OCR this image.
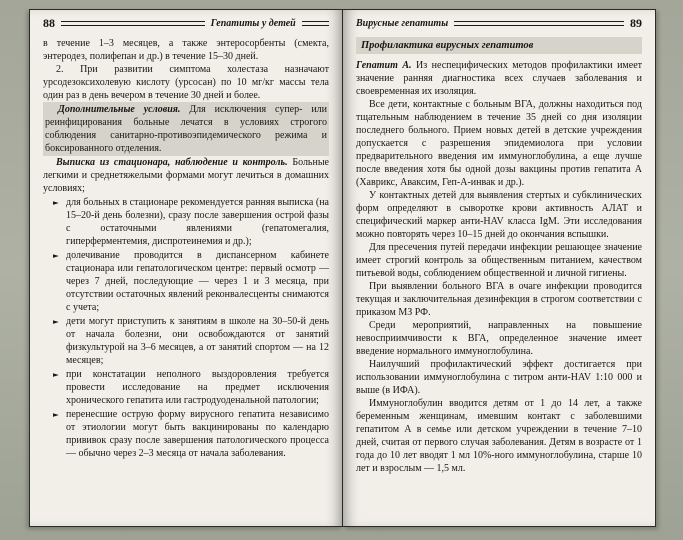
88	Гепатиты у детей

в течение 1–3 месяцев, а также энтеросорбенты (смекта, энтеродез, полифепан и др.) в течение 15–30 дней.

2. При развитии симптома холестаза назначают урсодезоксихолевую кислоту (урсосан) по 10 мг/кг массы тела один раз в день вечером в течение 30 дней и более.

Дополнительные условия. Для исключения супер- или реинфицирования больные лечатся в условиях строгого соблюдения санитарно-противоэпидемического режима и боксированного отделения.

Выписка из стационара, наблюдение и контроль. Больные легкими и среднетяжелыми формами могут лечиться в домашних условиях;

► для больных в стационаре рекомендуется ранняя выписка (на 15–20-й день болезни), сразу после завершения острой фазы с остаточными явлениями (гепатомегалия, гиперферментемия, диспротеинемия и др.);
► долечивание проводится в диспансерном кабинете стационара или гепатологическом центре: первый осмотр — через 7 дней, последующие — через 1 и 3 месяца, при отсутствии остаточных явлений реконвалесценты снимаются с учета;
► дети могут приступить к занятиям в школе на 30–50-й день от начала болезни, они освобождаются от занятий физкультурой на 3–6 месяцев, а от занятий спортом — на 12 месяцев;
► при констатации неполного выздоровления требуется провести исследование на предмет исключения хронического гепатита или гастродуоденальной патологии;
► перенесшие острую форму вирусного гепатита независимо от этиологии могут быть вакцинированы по календарю прививок сразу после завершения патологического процесса — обычно через 2–3 месяца от начала заболевания.
Вирусные гепатиты	89
Профилактика вирусных гепатитов

Гепатит А. Из неспецифических методов профилактики имеет значение ранняя диагностика всех случаев заболевания и своевременная их изоляция.

Все дети, контактные с больным ВГА, должны находиться под тщательным наблюдением в течение 35 дней со дня изоляции последнего больного. Прием новых детей в детские учреждения допускается с разрешения эпидемиолога при условии предварительного введения им иммуноглобулина, а еще лучше после введения хотя бы одной дозы вакцины против гепатита А (Хаврикс, Аваксим, Геп-А-инвак и др.).

У контактных детей для выявления стертых и субклинических форм определяют в сыворотке крови активность АЛАТ и специфический маркер анти-HAV класса IgM. Эти исследования можно повторять через 10–15 дней до окончания вспышки.

Для пресечения путей передачи инфекции решающее значение имеет строгий контроль за общественным питанием, качеством питьевой воды, соблюдением общественной и личной гигиены.

При выявлении больного ВГА в очаге инфекции проводится текущая и заключительная дезинфекция в строгом соответствии с приказом МЗ РФ.

Среди мероприятий, направленных на повышение невосприимчивости к ВГА, определенное значение имеет введение нормального иммуноглобулина.

Наилучший профилактический эффект достигается при использовании иммуноглобулина с титром анти-HAV 1:10 000 и выше (в ИФА).

Иммуноглобулин вводится детям от 1 до 14 лет, а также беременным женщинам, имевшим контакт с заболевшими гепатитом А в семье или детском учреждении в течение 7–10 дней, считая от первого случая заболевания. Детям в возрасте от 1 года до 10 лет вводят 1 мл 10%-ного иммуноглобулина, старше 10 лет и взрослым — 1,5 мл.
